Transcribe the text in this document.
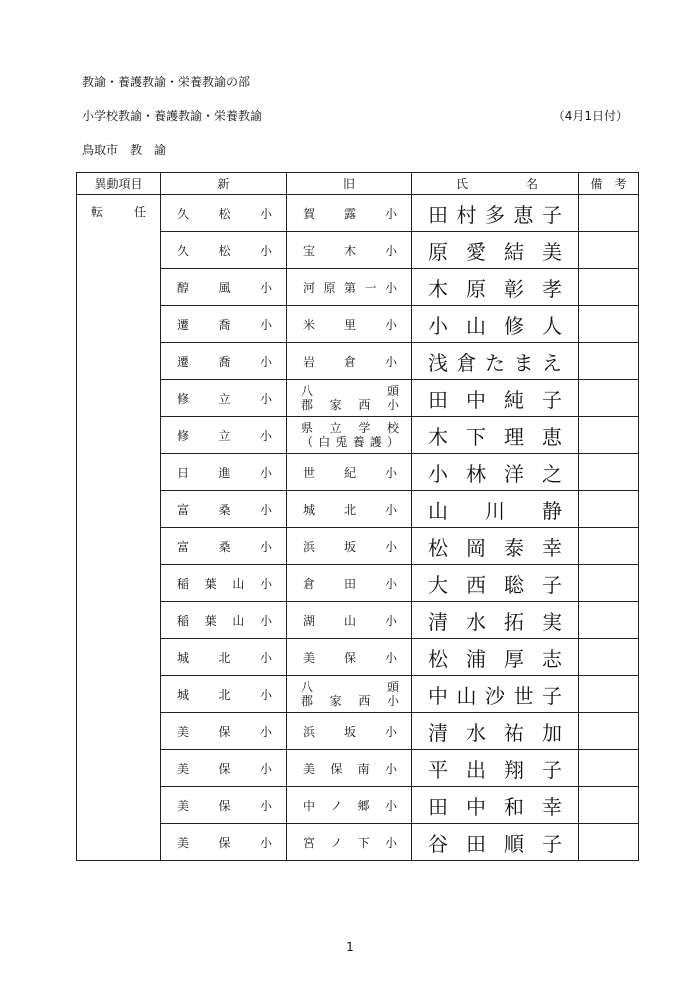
教諭・養護教諭・栄養教諭の部
小学校教諭・養護教諭・栄養教諭	（4月1日付）
鳥取市　教　諭
異動項目	新	旧	氏 名	備　考

転 任	久 松 小	賀 露 小	田 村 多 恵 子	

	久 松 小	宝 木 小	原 愛 結 美	

	醇 風 小	河 原 第 一 小	木 原 彰 孝	

	遷 喬 小	米 里 小	小 山 修 人	

	遷 喬 小	岩 倉 小	浅 倉 た ま え	

	修 立 小	八頭
郡家西小	田 中 純 子	

	修 立 小	県立学校
（白兎養護）	木 下 理 恵	

	日 進 小	世 紀 小	小 林 洋 之	

	富 桑 小	城 北 小	山 川 静	

	富 桑 小	浜 坂 小	松 岡 泰 幸	

	稲 葉 山 小	倉 田 小	大 西 聡 子	

	稲 葉 山 小	湖 山 小	清 水 拓 実	

	城 北 小	美 保 小	松 浦 厚 志	

	城 北 小	八頭
郡家西小	中 山 沙 世 子	

	美 保 小	浜 坂 小	清 水 祐 加	

	美 保 小	美 保 南 小	平 出 翔 子	

	美 保 小	中 ノ 郷 小	田 中 和 幸	

	美 保 小	宮 ノ 下 小	谷 田 順 子	

1
